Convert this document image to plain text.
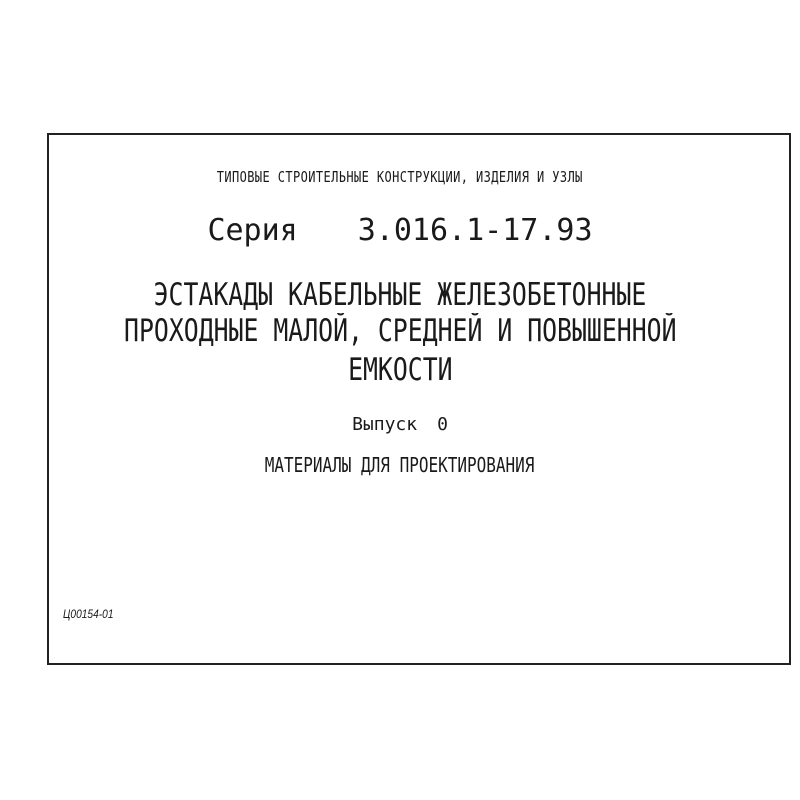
ТИПОВЫЕ СТРОИТЕЛЬНЫЕ КОНСТРУКЦИИ, ИЗДЕЛИЯ И УЗЛЫ
Серия 3.016.1-17.93
ЭСТАКАДЫ КАБЕЛЬНЫЕ ЖЕЛЕЗОБЕТОННЫЕ
ПРОХОДНЫЕ МАЛОЙ, СРЕДНЕЙ И ПОВЫШЕННОЙ
ЕМКОСТИ
Выпуск 0
МАТЕРИАЛЫ ДЛЯ ПРОЕКТИРОВАНИЯ
Ц00154-01
